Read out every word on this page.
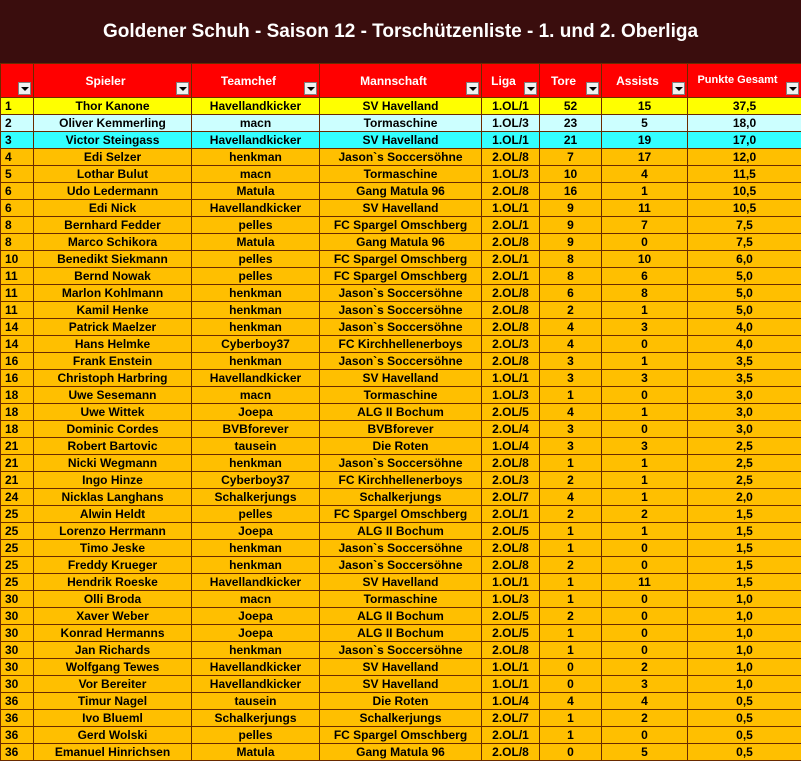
Goldener Schuh - Saison 12 - Torschützenliste - 1. und 2. Oberliga

	Spieler	Teamchef	Mannschaft	Liga	Tore	Assists	Punkte Gesamt

1	Thor Kanone	Havellandkicker	SV Havelland	1.OL/1	52	15	37,5
2	Oliver Kemmerling	macn	Tormaschine	1.OL/3	23	5	18,0
3	Victor Steingass	Havellandkicker	SV Havelland	1.OL/1	21	19	17,0
4	Edi Selzer	henkman	Jason`s Soccersöhne	2.OL/8	7	17	12,0
5	Lothar Bulut	macn	Tormaschine	1.OL/3	10	4	11,5
6	Udo Ledermann	Matula	Gang Matula 96	2.OL/8	16	1	10,5
6	Edi Nick	Havellandkicker	SV Havelland	1.OL/1	9	11	10,5
8	Bernhard Fedder	pelles	FC Spargel Omschberg	2.OL/1	9	7	7,5
8	Marco Schikora	Matula	Gang Matula 96	2.OL/8	9	0	7,5
10	Benedikt Siekmann	pelles	FC Spargel Omschberg	2.OL/1	8	10	6,0
11	Bernd Nowak	pelles	FC Spargel Omschberg	2.OL/1	8	6	5,0
11	Marlon Kohlmann	henkman	Jason`s Soccersöhne	2.OL/8	6	8	5,0
11	Kamil Henke	henkman	Jason`s Soccersöhne	2.OL/8	2	1	5,0
14	Patrick Maelzer	henkman	Jason`s Soccersöhne	2.OL/8	4	3	4,0
14	Hans Helmke	Cyberboy37	FC Kirchhellenerboys	2.OL/3	4	0	4,0
16	Frank Enstein	henkman	Jason`s Soccersöhne	2.OL/8	3	1	3,5
16	Christoph Harbring	Havellandkicker	SV Havelland	1.OL/1	3	3	3,5
18	Uwe Sesemann	macn	Tormaschine	1.OL/3	1	0	3,0
18	Uwe Wittek	Joepa	ALG II Bochum	2.OL/5	4	1	3,0
18	Dominic Cordes	BVBforever	BVBforever	2.OL/4	3	0	3,0
21	Robert Bartovic	tausein	Die Roten	1.OL/4	3	3	2,5
21	Nicki Wegmann	henkman	Jason`s Soccersöhne	2.OL/8	1	1	2,5
21	Ingo Hinze	Cyberboy37	FC Kirchhellenerboys	2.OL/3	2	1	2,5
24	Nicklas Langhans	Schalkerjungs	Schalkerjungs	2.OL/7	4	1	2,0
25	Alwin Heldt	pelles	FC Spargel Omschberg	2.OL/1	2	2	1,5
25	Lorenzo Herrmann	Joepa	ALG II Bochum	2.OL/5	1	1	1,5
25	Timo Jeske	henkman	Jason`s Soccersöhne	2.OL/8	1	0	1,5
25	Freddy Krueger	henkman	Jason`s Soccersöhne	2.OL/8	2	0	1,5
25	Hendrik Roeske	Havellandkicker	SV Havelland	1.OL/1	1	11	1,5
30	Olli Broda	macn	Tormaschine	1.OL/3	1	0	1,0
30	Xaver Weber	Joepa	ALG II Bochum	2.OL/5	2	0	1,0
30	Konrad Hermanns	Joepa	ALG II Bochum	2.OL/5	1	0	1,0
30	Jan Richards	henkman	Jason`s Soccersöhne	2.OL/8	1	0	1,0
30	Wolfgang Tewes	Havellandkicker	SV Havelland	1.OL/1	0	2	1,0
30	Vor Bereiter	Havellandkicker	SV Havelland	1.OL/1	0	3	1,0
36	Timur Nagel	tausein	Die Roten	1.OL/4	4	4	0,5
36	Ivo Blueml	Schalkerjungs	Schalkerjungs	2.OL/7	1	2	0,5
36	Gerd Wolski	pelles	FC Spargel Omschberg	2.OL/1	1	0	0,5
36	Emanuel Hinrichsen	Matula	Gang Matula 96	2.OL/8	0	5	0,5
